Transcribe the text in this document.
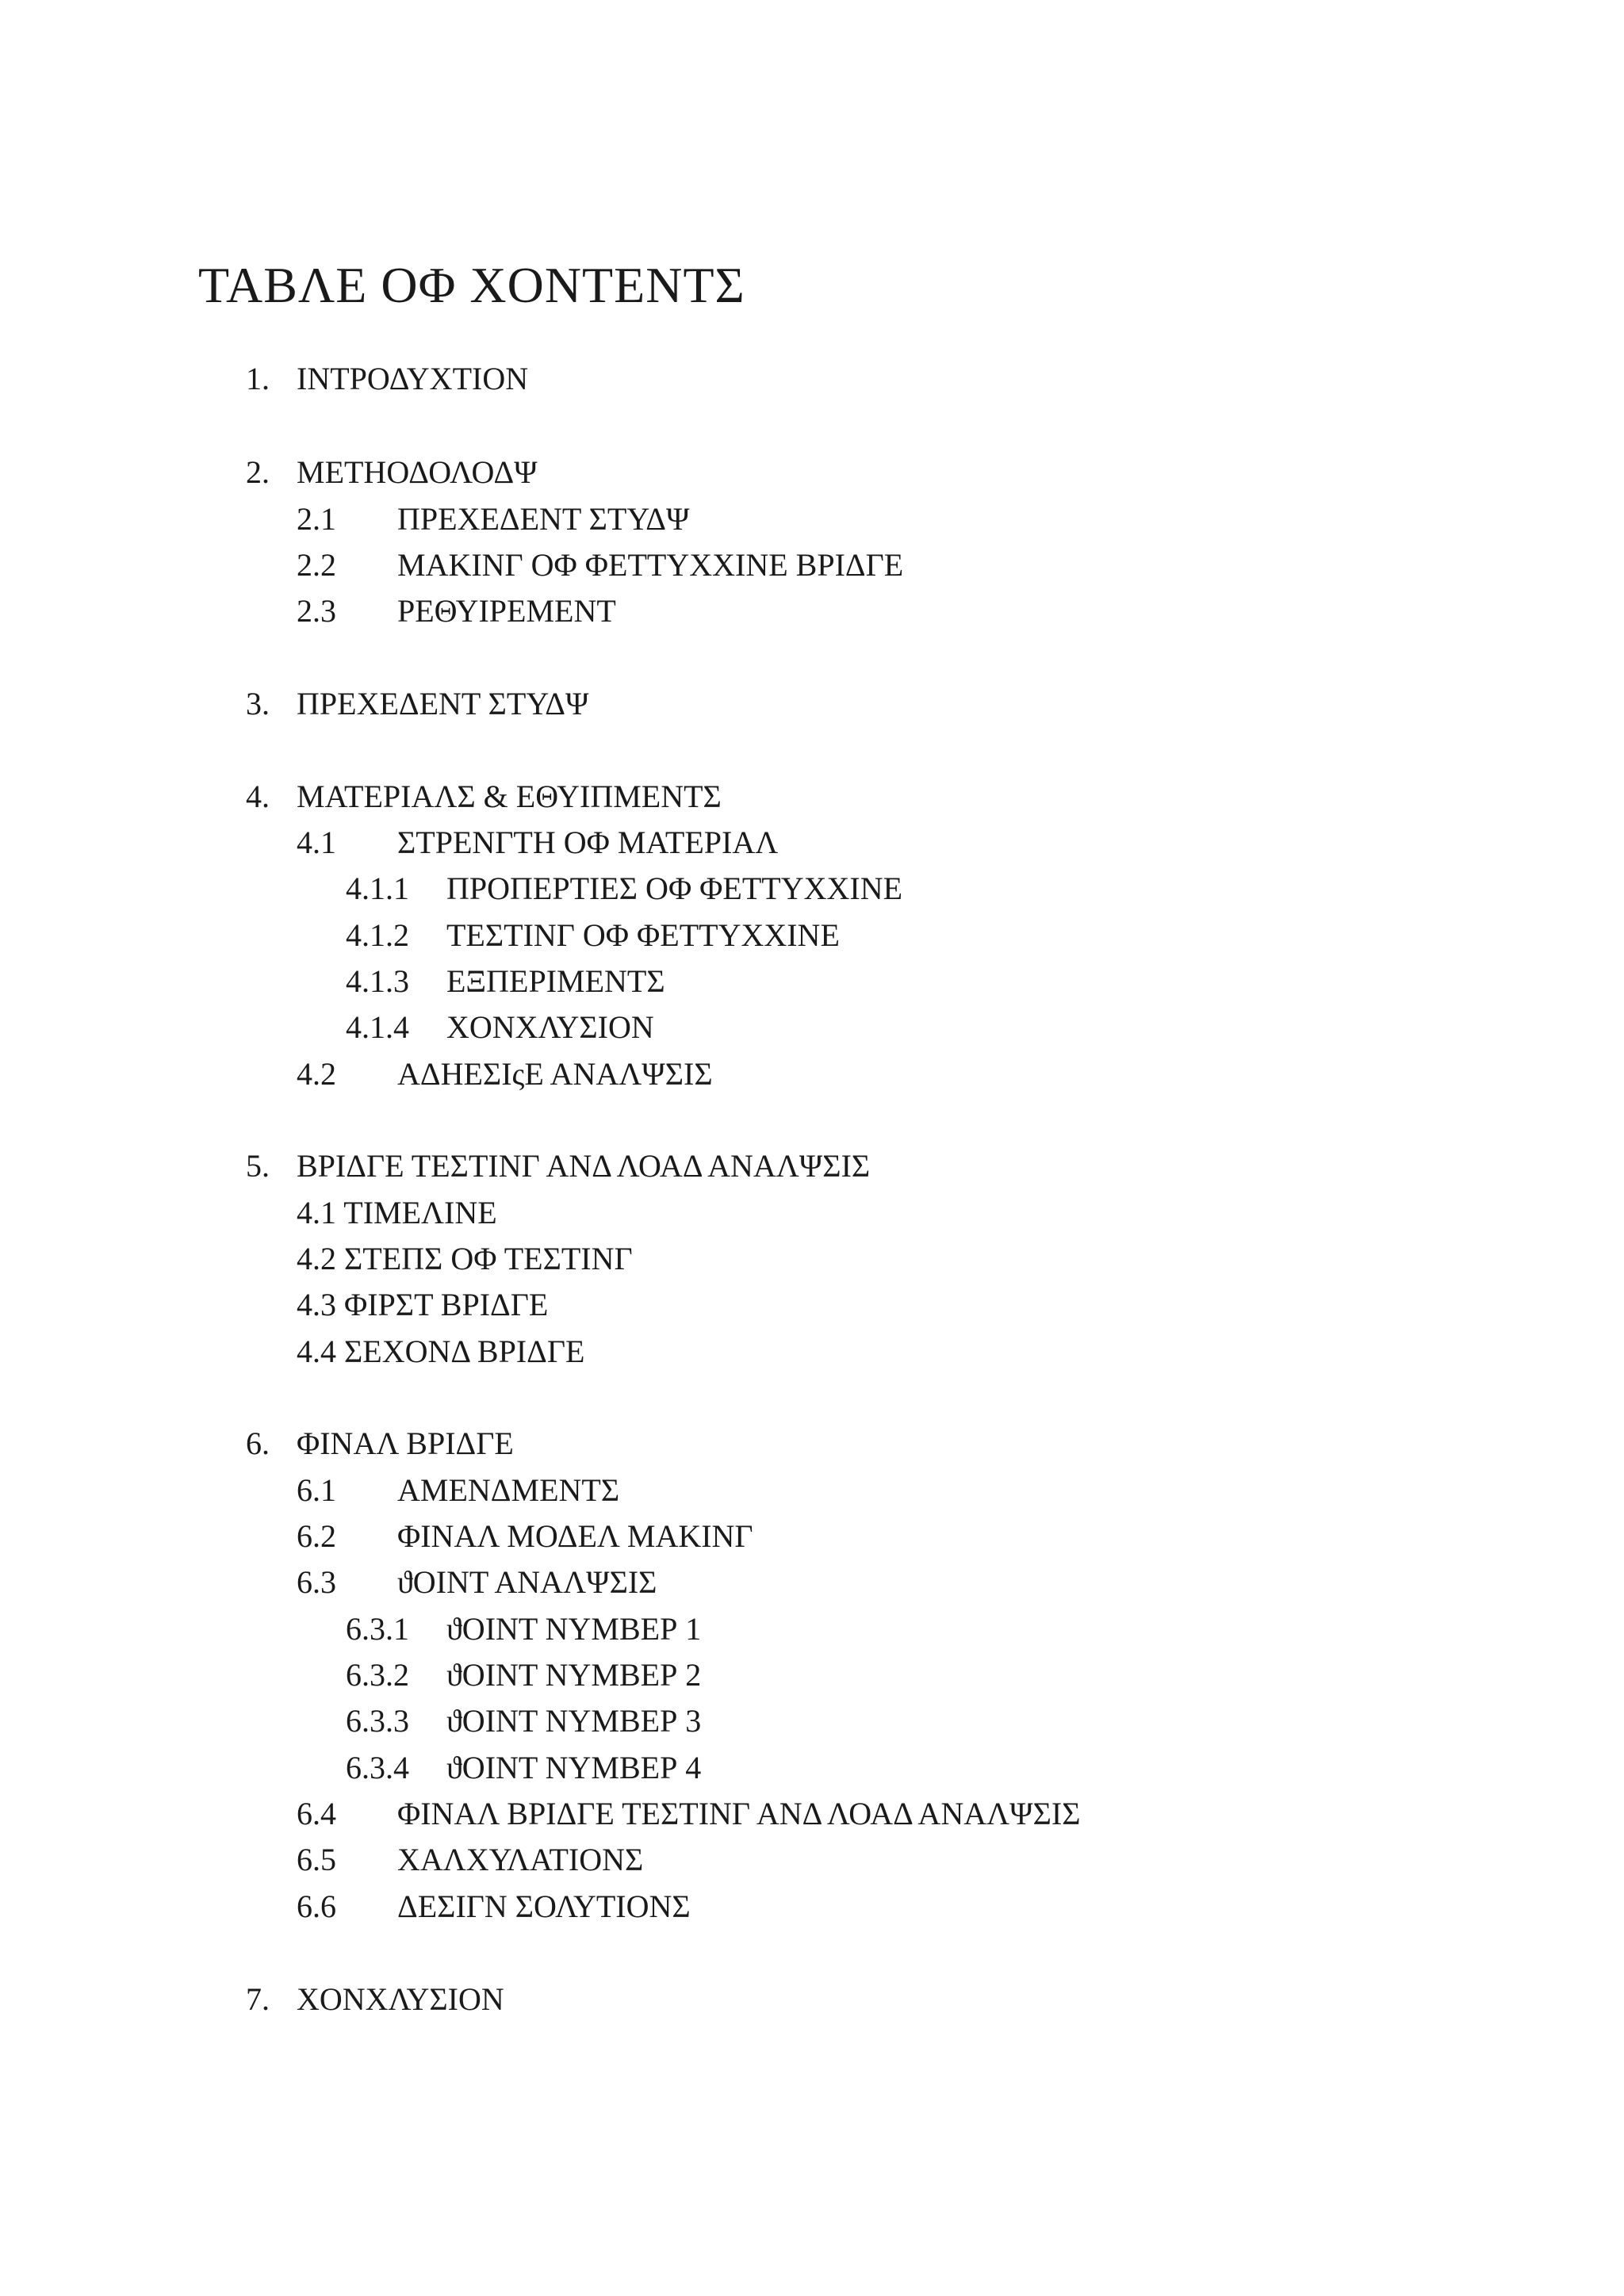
ΤΑΒΛΕ ΟΦ ΧΟΝΤΕΝΤΣ
1. ΙΝΤΡΟΔΥΧΤΙΟΝ
2. ΜΕΤΗΟΔΟΛΟΔΨ
2.1 ΠΡΕΧΕΔΕΝΤ ΣΤΥΔΨ
2.2 ΜΑΚΙΝΓ ΟΦ ΦΕΤΤΥΧΧΙΝΕ ΒΡΙΔΓΕ
2.3 ΡΕΘΥΙΡΕΜΕΝΤ
3. ΠΡΕΧΕΔΕΝΤ ΣΤΥΔΨ
4. ΜΑΤΕΡΙΑΛΣ & ΕΘΥΙΠΜΕΝΤΣ
4.1 ΣΤΡΕΝΓΤΗ ΟΦ ΜΑΤΕΡΙΑΛ
4.1.1 ΠΡΟΠΕΡΤΙΕΣ ΟΦ ΦΕΤΤΥΧΧΙΝΕ
4.1.2 ΤΕΣΤΙΝΓ ΟΦ ΦΕΤΤΥΧΧΙΝΕ
4.1.3 ΕΞΠΕΡΙΜΕΝΤΣ
4.1.4 ΧΟΝΧΛΥΣΙΟΝ
4.2 ΑΔΗΕΣΙςΕ ΑΝΑΛΨΣΙΣ
5. ΒΡΙΔΓΕ ΤΕΣΤΙΝΓ ΑΝΔ ΛΟΑΔ ΑΝΑΛΨΣΙΣ
4.1 ΤΙΜΕΛΙΝΕ
4.2 ΣΤΕΠΣ ΟΦ ΤΕΣΤΙΝΓ
4.3 ΦΙΡΣΤ ΒΡΙΔΓΕ
4.4 ΣΕΧΟΝΔ ΒΡΙΔΓΕ
6. ΦΙΝΑΛ ΒΡΙΔΓΕ
6.1 ΑΜΕΝΔΜΕΝΤΣ
6.2 ΦΙΝΑΛ ΜΟΔΕΛ ΜΑΚΙΝΓ
6.3 ϑΟΙΝΤ ΑΝΑΛΨΣΙΣ
6.3.1 ϑΟΙΝΤ ΝΥΜΒΕΡ 1
6.3.2 ϑΟΙΝΤ ΝΥΜΒΕΡ 2
6.3.3 ϑΟΙΝΤ ΝΥΜΒΕΡ 3
6.3.4 ϑΟΙΝΤ ΝΥΜΒΕΡ 4
6.4 ΦΙΝΑΛ ΒΡΙΔΓΕ ΤΕΣΤΙΝΓ ΑΝΔ ΛΟΑΔ ΑΝΑΛΨΣΙΣ
6.5 ΧΑΛΧΥΛΑΤΙΟΝΣ
6.6 ΔΕΣΙΓΝ ΣΟΛΥΤΙΟΝΣ
7. ΧΟΝΧΛΥΣΙΟΝ
